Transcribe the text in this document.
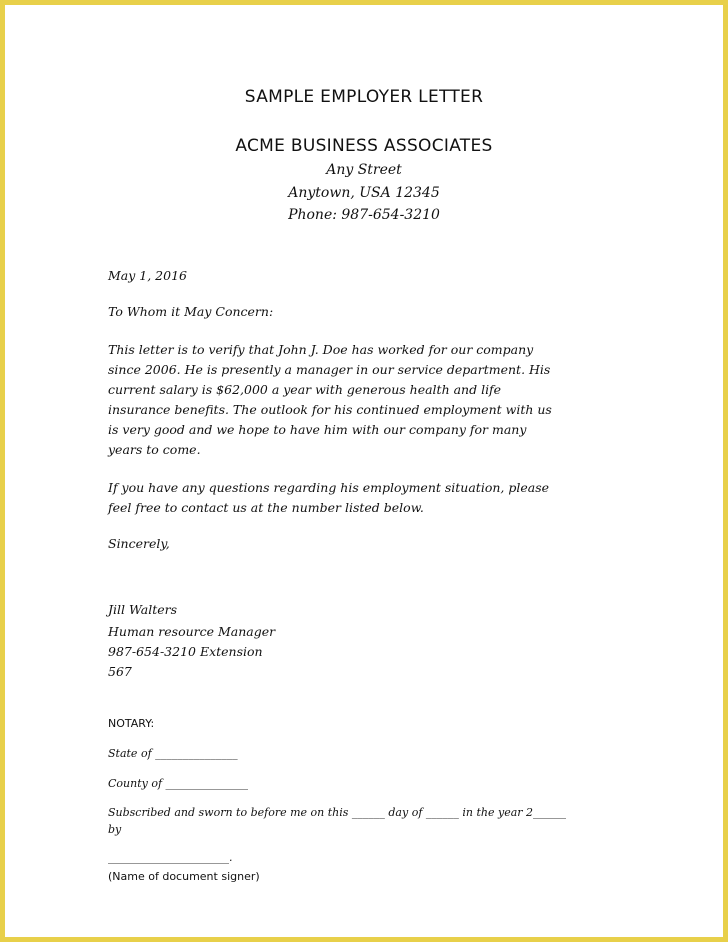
SAMPLE EMPLOYER LETTER
ACME BUSINESS ASSOCIATES
Any Street
Anytown, USA 12345
Phone: 987-654-3210
May 1, 2016
To Whom it May Concern:
This letter is to verify that John J. Doe has worked for our company
since 2006. He is presently a manager in our service department. His
current salary is $62,000 a year with generous health and life
insurance benefits. The outlook for his continued employment with us
is very good and we hope to have him with our company for many
years to come.
If you have any questions regarding his employment situation, please
feel free to contact us at the number listed below.
Sincerely,
Jill Walters
Human resource Manager
987-654-3210 Extension
567
NOTARY:
State of _______________
County of _______________
Subscribed and sworn to before me on this ______ day of ______ in the year 2______
by
______________________.
(Name of document signer)
